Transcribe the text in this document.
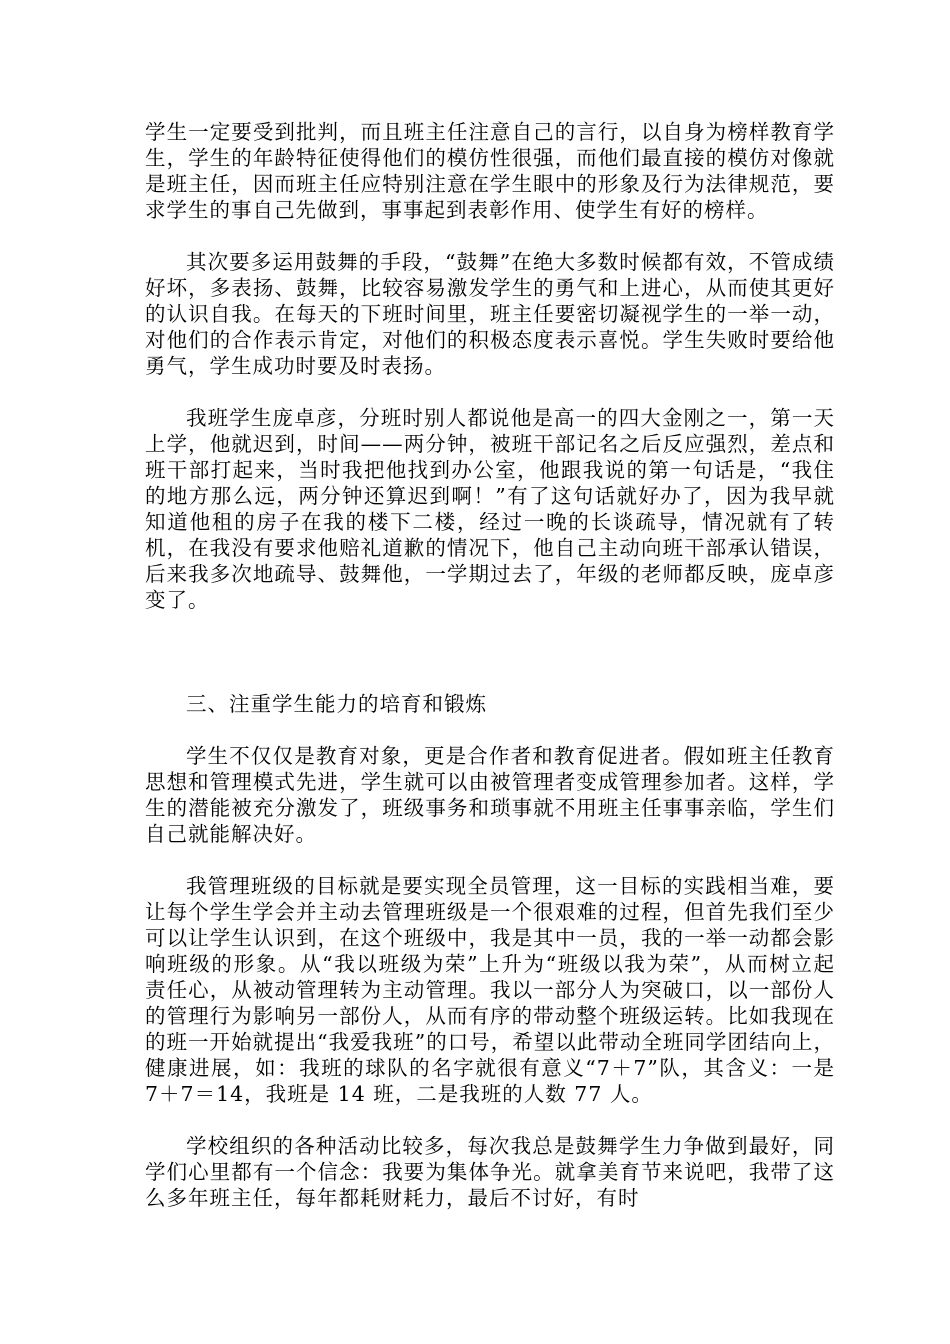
学生一定要受到批判，而且班主任注意自己的言行，以自身为榜样教育学生，学生的年龄特征使得他们的模仿性很强，而他们最直接的模仿对像就是班主任，因而班主任应特别注意在学生眼中的形象及行为法律规范，要求学生的事自己先做到，事事起到表彰作用、使学生有好的榜样。

其次要多运用鼓舞的手段，“鼓舞”在绝大多数时候都有效，不管成绩好坏，多表扬、鼓舞，比较容易激发学生的勇气和上进心，从而使其更好的认识自我。在每天的下班时间里，班主任要密切凝视学生的一举一动，对他们的合作表示肯定，对他们的积极态度表示喜悦。学生失败时要给他勇气，学生成功时要及时表扬。

我班学生庞卓彦，分班时别人都说他是高一的四大金刚之一，第一天上学，他就迟到，时间——两分钟，被班干部记名之后反应强烈，差点和班干部打起来，当时我把他找到办公室，他跟我说的第一句话是，“我住的地方那么远，两分钟还算迟到啊！”有了这句话就好办了，因为我早就知道他租的房子在我的楼下二楼，经过一晚的长谈疏导，情况就有了转机，在我没有要求他赔礼道歉的情况下，他自己主动向班干部承认错误，后来我多次地疏导、鼓舞他，一学期过去了，年级的老师都反映，庞卓彦变了。

三、注重学生能力的培育和锻炼

学生不仅仅是教育对象，更是合作者和教育促进者。假如班主任教育思想和管理模式先进，学生就可以由被管理者变成管理参加者。这样，学生的潜能被充分激发了，班级事务和琐事就不用班主任事事亲临，学生们自己就能解决好。

我管理班级的目标就是要实现全员管理，这一目标的实践相当难，要让每个学生学会并主动去管理班级是一个很艰难的过程，但首先我们至少可以让学生认识到，在这个班级中，我是其中一员，我的一举一动都会影响班级的形象。从“我以班级为荣”上升为“班级以我为荣”，从而树立起责任心，从被动管理转为主动管理。我以一部分人为突破口，以一部份人的管理行为影响另一部份人，从而有序的带动整个班级运转。比如我现在的班一开始就提出“我爱我班”的口号，希望以此带动全班同学团结向上，健康进展，如：我班的球队的名字就很有意义“7＋7”队，其含义：一是 7＋7＝14，我班是 14 班，二是我班的人数 77 人。

学校组织的各种活动比较多，每次我总是鼓舞学生力争做到最好，同学们心里都有一个信念：我要为集体争光。就拿美育节来说吧，我带了这么多年班主任，每年都耗财耗力，最后不讨好，有时
